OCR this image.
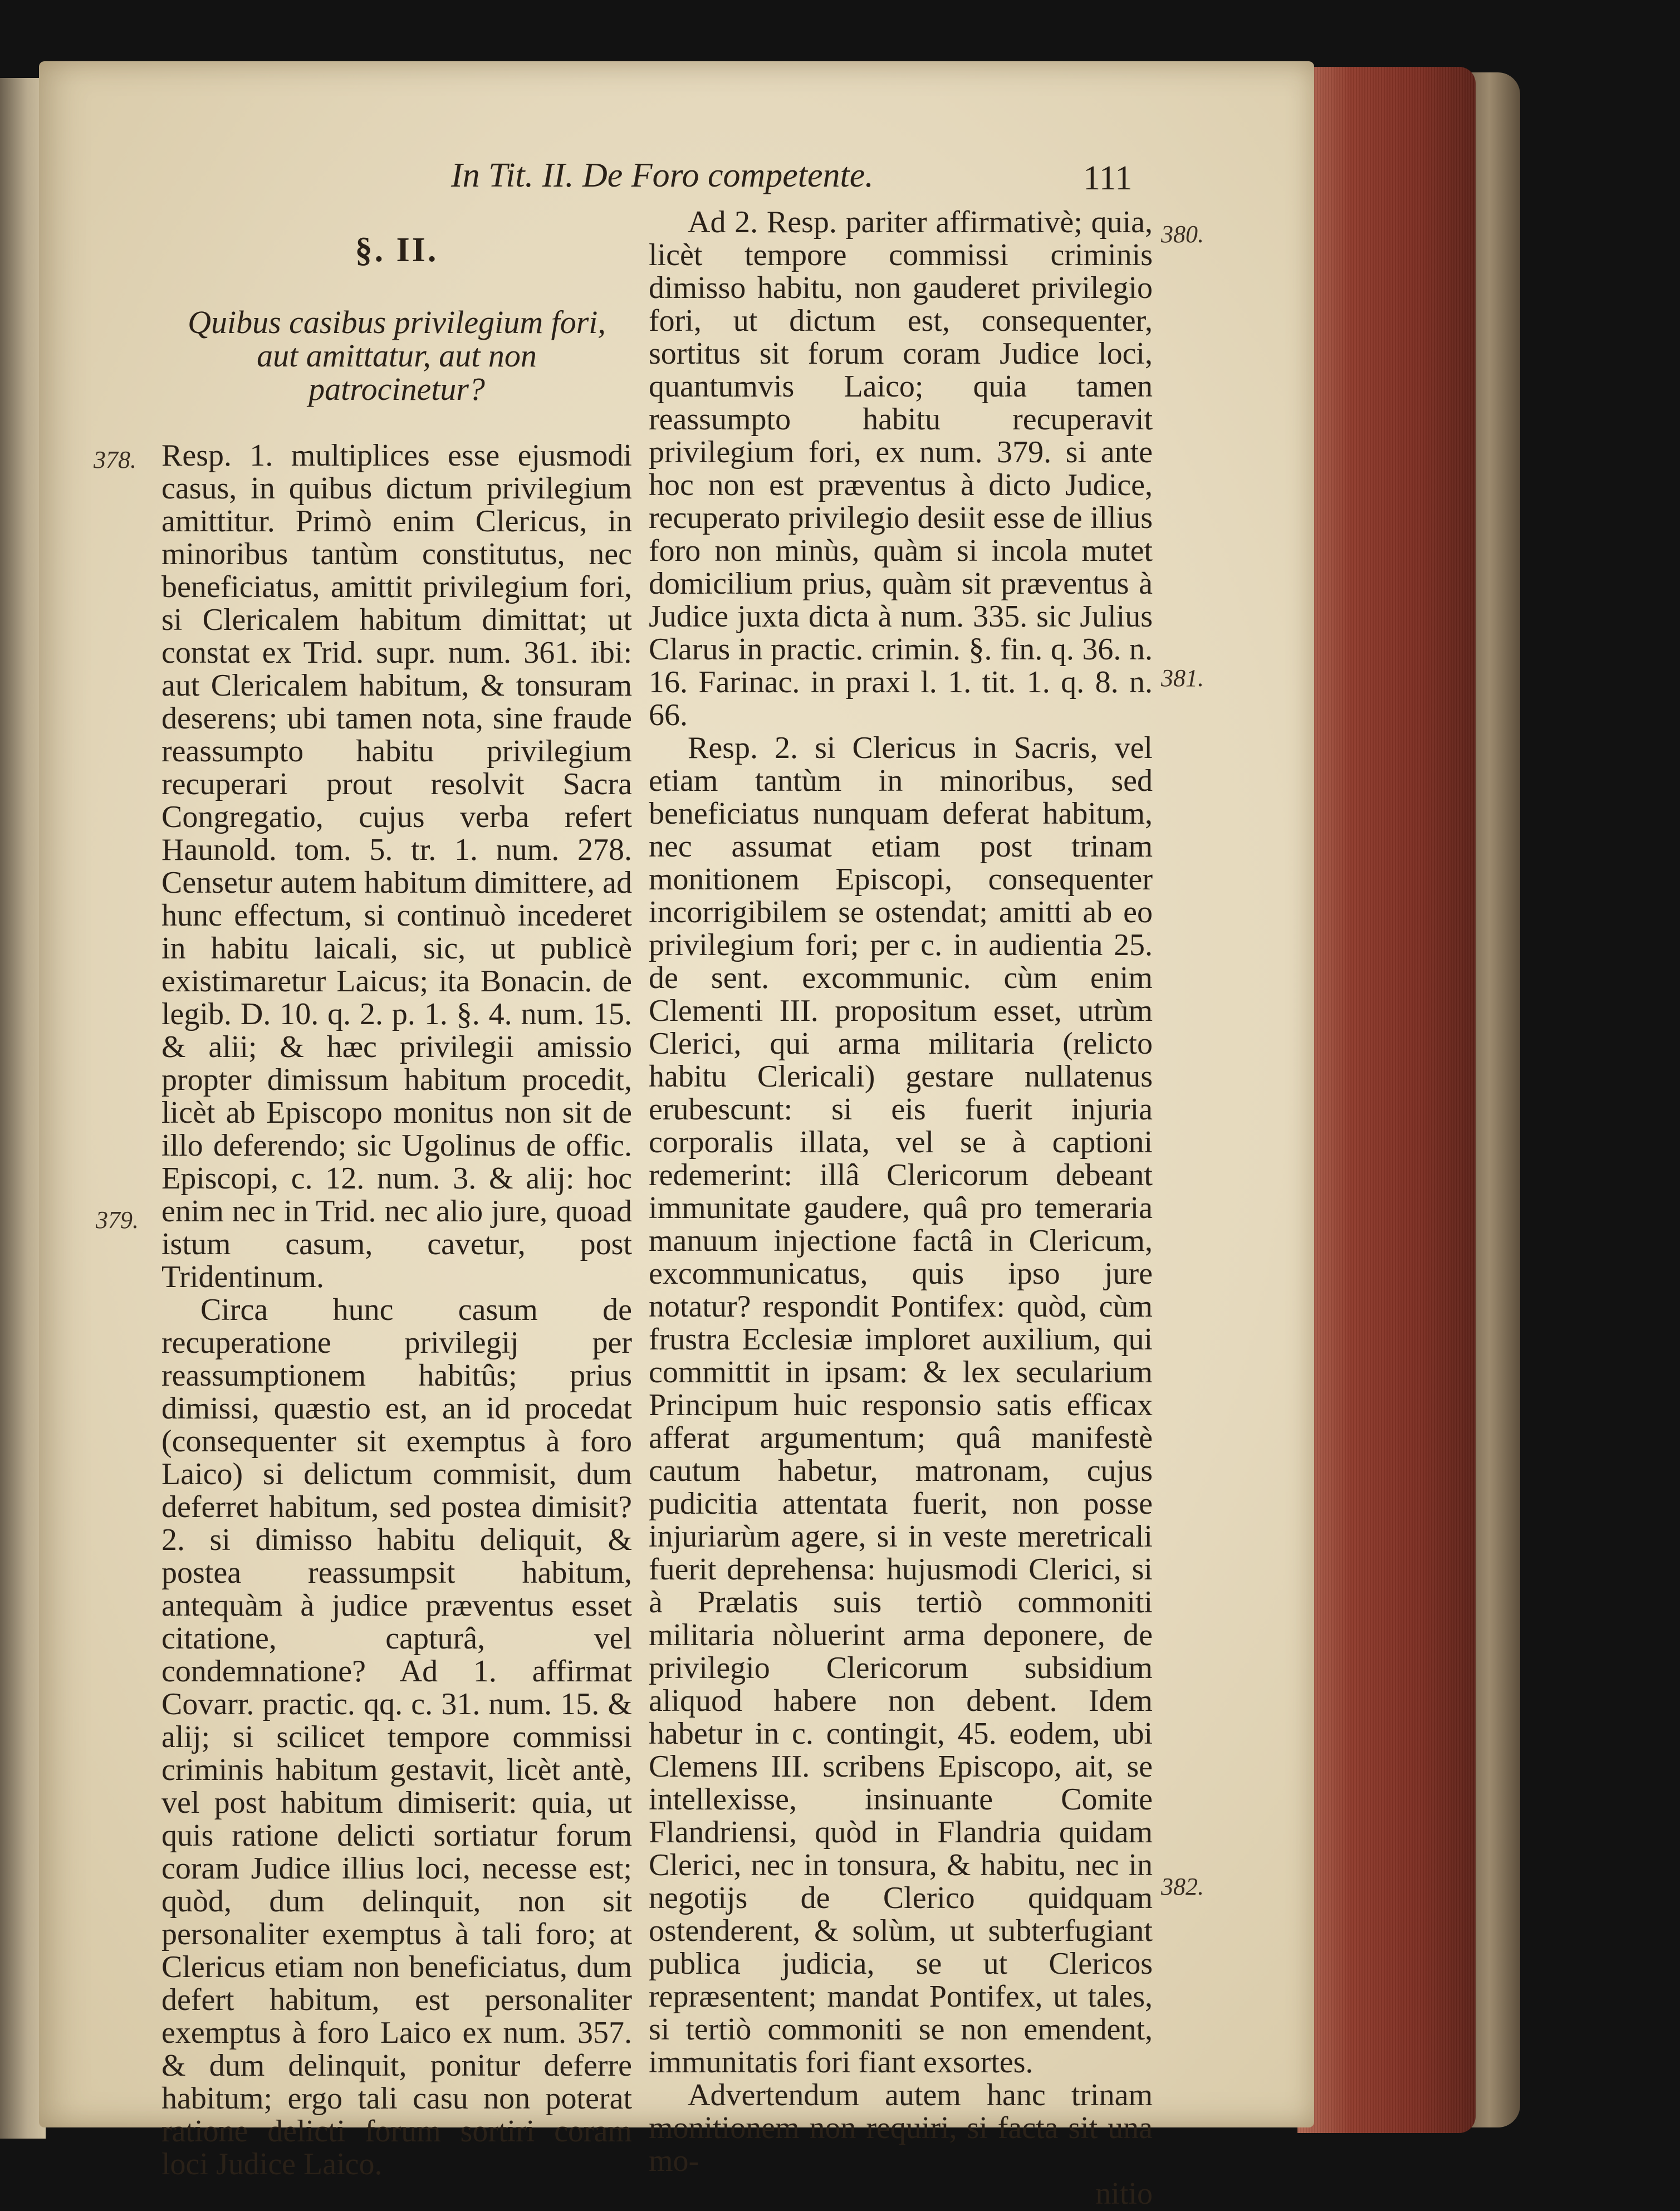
In Tit. II. De Foro competente.	111
378.
379.
380.
381.
382.
§. II.
Quibus casibus privilegium fori, aut amittatur, aut non patrocinetur?

Resp. 1. multiplices esse ejusmodi casus, in quibus dictum privilegium amittitur. Primò enim Clericus, in minoribus tantùm constitutus, nec beneficiatus, amittit privilegium fori, si Clericalem habitum dimittat; ut constat ex Trid. supr. num. 361. ibi: aut Clericalem habitum, & tonsuram deserens; ubi tamen nota, sine fraude reassumpto habitu privilegium recuperari prout resolvit Sacra Congregatio, cujus verba refert Haunold. tom. 5. tr. 1. num. 278. Censetur autem habitum dimittere, ad hunc effectum, si continuò incederet in habitu laicali, sic, ut publicè existimaretur Laicus; ita Bonacin. de legib. D. 10. q. 2. p. 1. §. 4. num. 15. & alii; & hæc privilegii amissio propter dimissum habitum procedit, licèt ab Episcopo monitus non sit de illo deferendo; sic Ugolinus de offic. Episcopi, c. 12. num. 3. & alij: hoc enim nec in Trid. nec alio jure, quoad istum casum, cavetur, post Tridentinum.

Circa hunc casum de recuperatione privilegij per reassumptionem habitûs; prius dimissi, quæstio est, an id procedat (consequenter sit exemptus à foro Laico) si delictum commisit, dum deferret habitum, sed postea dimisit? 2. si dimisso habitu deliquit, & postea reassumpsit habitum, antequàm à judice præventus esset citatione, capturâ, vel condemnatione? Ad 1. affirmat Covarr. practic. qq. c. 31. num. 15. & alij; si scilicet tempore commissi criminis habitum gestavit, licèt antè, vel post habitum dimiserit: quia, ut quis ratione delicti sortiatur forum coram Judice illius loci, necesse est; quòd, dum delinquit, non sit personaliter exemptus à tali foro; at Clericus etiam non beneficiatus, dum defert habitum, est personaliter exemptus à foro Laico ex num. 357. & dum delinquit, ponitur deferre habitum; ergo tali casu non poterat ratione delicti forum sortiri coram loci Judice Laico.

Ad 2. Resp. pariter affirmativè; quia, licèt tempore commissi criminis dimisso habitu, non gauderet privilegio fori, ut dictum est, consequenter, sortitus sit forum coram Judice loci, quantumvis Laico; quia tamen reassumpto habitu recuperavit privilegium fori, ex num. 379. si ante hoc non est præventus à dicto Judice, recuperato privilegio desiit esse de illius foro non minùs, quàm si incola mutet domicilium prius, quàm sit præventus à Judice juxta dicta à num. 335. sic Julius Clarus in practic. crimin. §. fin. q. 36. n. 16. Farinac. in praxi l. 1. tit. 1. q. 8. n. 66.

Resp. 2. si Clericus in Sacris, vel etiam tantùm in minoribus, sed beneficiatus nunquam deferat habitum, nec assumat etiam post trinam monitionem Episcopi, consequenter incorrigibilem se ostendat; amitti ab eo privilegium fori; per c. in audientia 25. de sent. excommunic. cùm enim Clementi III. propositum esset, utrùm Clerici, qui arma militaria (relicto habitu Clericali) gestare nullatenus erubescunt: si eis fuerit injuria corporalis illata, vel se à captioni redemerint: illâ Clericorum debeant immunitate gaudere, quâ pro temeraria manuum injectione factâ in Clericum, excommunicatus, quis ipso jure notatur? respondit Pontifex: quòd, cùm frustra Ecclesiæ imploret auxilium, qui committit in ipsam: & lex secularium Principum huic responsio satis efficax afferat argumentum; quâ manifestè cautum habetur, matronam, cujus pudicitia attentata fuerit, non posse injuriarùm agere, si in veste meretricali fuerit deprehensa: hujusmodi Clerici, si à Prælatis suis tertiò commoniti militaria nòluerint arma deponere, de privilegio Clericorum subsidium aliquod habere non debent. Idem habetur in c. contingit, 45. eodem, ubi Clemens III. scribens Episcopo, ait, se intellexisse, insinuante Comite Flandriensi, quòd in Flandria quidam Clerici, nec in tonsura, & habitu, nec in negotijs de Clerico quidquam ostenderent, & solùm, ut subterfugiant publica judicia, se ut Clericos repræsentent; mandat Pontifex, ut tales, si tertiò commoniti se non emendent, immunitatis fori fiant exsortes.

Advertendum autem hanc trinam monitionem non requiri, si facta sit una mo-

nitio
